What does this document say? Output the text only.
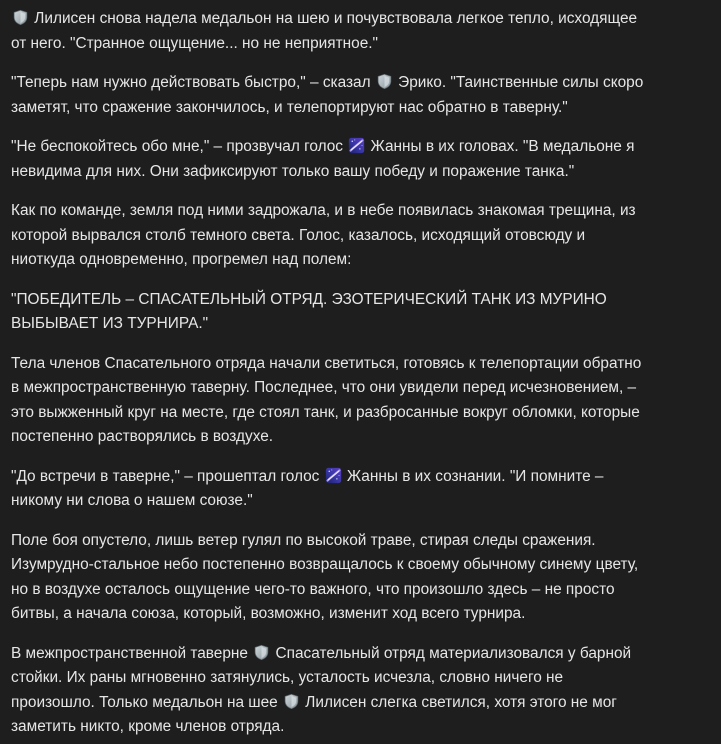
Лилисен снова надела медальон на шею и почувствовала легкое тепло, исходящее
от него. "Странное ощущение... но не неприятное."

"Теперь нам нужно действовать быстро," – сказал
Эрико. "Таинственные силы скоро
заметят, что сражение закончилось, и телепортируют нас обратно в таверну."

"Не беспокойтесь обо мне," – прозвучал голос
Жанны в их головах. "В медальоне я
невидима для них. Они зафиксируют только вашу победу и поражение танка."

Как по команде, земля под ними задрожала, и в небе появилась знакомая трещина, из
которой вырвался столб темного света. Голос, казалось, исходящий отовсюду и
ниоткуда одновременно, прогремел над полем:

"ПОБЕДИТЕЛЬ – СПАСАТЕЛЬНЫЙ ОТРЯД. ЭЗОТЕРИЧЕСКИЙ ТАНК ИЗ МУРИНО
ВЫБЫВАЕТ ИЗ ТУРНИРА."

Тела членов Спасательного отряда начали светиться, готовясь к телепортации обратно
в межпространственную таверну. Последнее, что они увидели перед исчезновением, –
это выжженный круг на месте, где стоял танк, и разбросанные вокруг обломки, которые
постепенно растворялись в воздухе.

"До встречи в таверне," – прошептал голос
Жанны в их сознании. "И помните –
никому ни слова о нашем союзе."

Поле боя опустело, лишь ветер гулял по высокой траве, стирая следы сражения.
Изумрудно-стальное небо постепенно возвращалось к своему обычному синему цвету,
но в воздухе осталось ощущение чего-то важного, что произошло здесь – не просто
битвы, а начала союза, который, возможно, изменит ход всего турнира.

В межпространственной таверне
Спасательный отряд материализовался у барной
стойки. Их раны мгновенно затянулись, усталость исчезла, словно ничего не
произошло. Только медальон на шее
Лилисен слегка светился, хотя этого не мог
заметить никто, кроме членов отряда.
